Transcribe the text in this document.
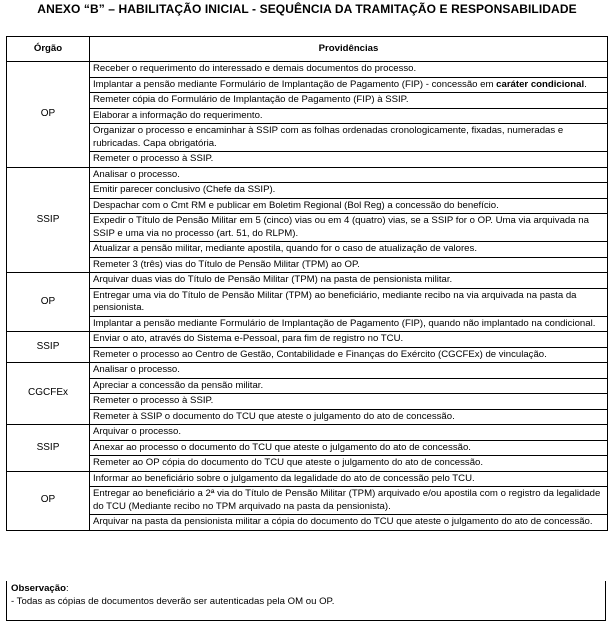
ANEXO “B” – HABILITAÇÃO INICIAL - SEQUÊNCIA DA TRAMITAÇÃO E RESPONSABILIDADE
Órgão	Providências
OP	Receber o requerimento do interessado e demais documentos do processo.
	Implantar a pensão mediante Formulário de Implantação de Pagamento (FIP) - concessão em caráter condicional.
	Remeter cópia do Formulário de Implantação de Pagamento (FIP) à SSIP.
	Elaborar a informação do requerimento.
	Organizar o processo e encaminhar à SSIP com as folhas ordenadas cronologicamente, fixadas, numeradas e rubricadas. Capa obrigatória.
	Remeter o processo à SSIP.
SSIP	Analisar o processo.
	Emitir parecer conclusivo (Chefe da SSIP).
	Despachar com o Cmt RM e publicar em Boletim Regional (Bol Reg) a concessão do benefício.
	Expedir o Título de Pensão Militar em 5 (cinco) vias ou em 4 (quatro) vias, se a SSIP for o OP. Uma via arquivada na SSIP e uma via no processo (art. 51, do RLPM).
	Atualizar a pensão militar, mediante apostila, quando for o caso de atualização de valores.
	Remeter 3 (três) vias do Título de Pensão Militar (TPM) ao OP.
OP	Arquivar duas vias do Título de Pensão Militar (TPM) na pasta de pensionista militar.
	Entregar uma via do Título de Pensão Militar (TPM) ao beneficiário, mediante recibo na via arquivada na pasta da pensionista.
	Implantar a pensão mediante Formulário de Implantação de Pagamento (FIP), quando não implantado na condicional.
SSIP	Enviar o ato, através do Sistema e-Pessoal, para fim de registro no TCU.
	Remeter o processo ao Centro de Gestão, Contabilidade e Finanças do Exército (CGCFEx) de vinculação.
CGCFEx	Analisar o processo.
	Apreciar a concessão da pensão militar.
	Remeter o processo à SSIP.
	Remeter à SSIP o documento do TCU que ateste o julgamento do ato de concessão.
SSIP	Arquivar o processo.
	Anexar ao processo o documento do TCU que ateste o julgamento do ato de concessão.
	Remeter ao OP cópia do documento do TCU que ateste o julgamento do ato de concessão.
OP	Informar ao beneficiário sobre o julgamento da legalidade do ato de concessão pelo TCU.
	Entregar ao beneficiário a 2ª via do Título de Pensão Militar (TPM) arquivado e/ou apostila com o registro da legalidade do TCU (Mediante recibo no TPM arquivado na pasta da pensionista).
	Arquivar na pasta da pensionista militar a cópia do documento do TCU que ateste o julgamento do ato de concessão.
Observação:
- Todas as cópias de documentos deverão ser autenticadas pela OM ou OP.
